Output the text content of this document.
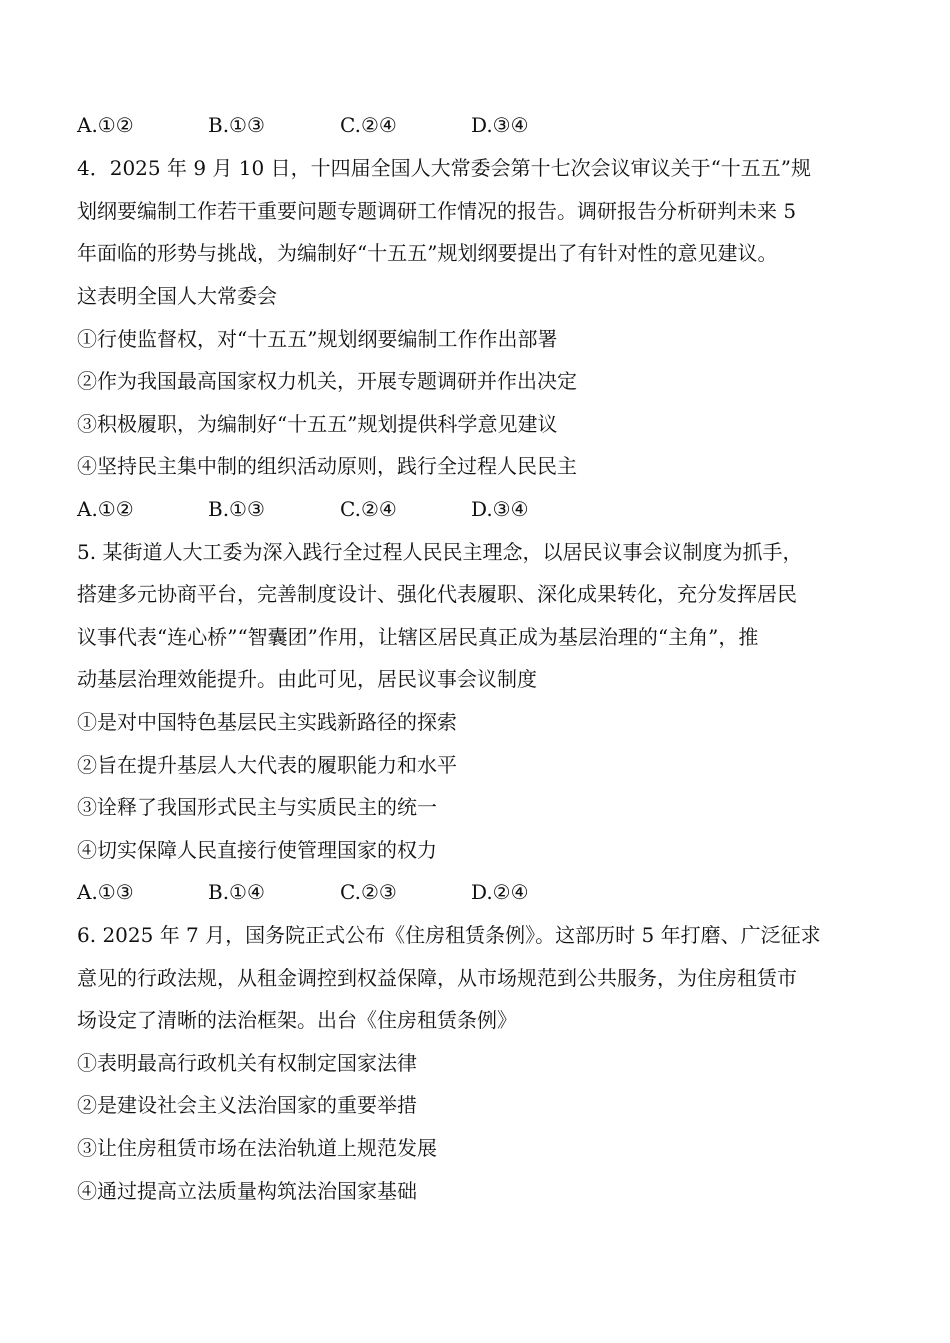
A.①②	B.①③	C.②④	D.③④
4．2025 年 9 月 10 日，十四届全国人大常委会第十七次会议审议关于“十五五”规
划纲要编制工作若干重要问题专题调研工作情况的报告。调研报告分析研判未来 5
年面临的形势与挑战，为编制好“十五五”规划纲要提出了有针对性的意见建议。
这表明全国人大常委会
①行使监督权，对“十五五”规划纲要编制工作作出部署
②作为我国最高国家权力机关，开展专题调研并作出决定
③积极履职，为编制好“十五五”规划提供科学意见建议
④坚持民主集中制的组织活动原则，践行全过程人民民主
A.①②	B.①③	C.②④	D.③④
5. 某街道人大工委为深入践行全过程人民民主理念，以居民议事会议制度为抓手，
搭建多元协商平台，完善制度设计、强化代表履职、深化成果转化，充分发挥居民
议事代表“连心桥”“智囊团”作用，让辖区居民真正成为基层治理的“主角”，推
动基层治理效能提升。由此可见，居民议事会议制度
①是对中国特色基层民主实践新路径的探索
②旨在提升基层人大代表的履职能力和水平
③诠释了我国形式民主与实质民主的统一
④切实保障人民直接行使管理国家的权力
A.①③	B.①④	C.②③	D.②④
6. 2025 年 7 月，国务院正式公布《住房租赁条例》。这部历时 5 年打磨、广泛征求
意见的行政法规，从租金调控到权益保障，从市场规范到公共服务，为住房租赁市
场设定了清晰的法治框架。出台《住房租赁条例》
①表明最高行政机关有权制定国家法律
②是建设社会主义法治国家的重要举措
③让住房租赁市场在法治轨道上规范发展
④通过提高立法质量构筑法治国家基础
